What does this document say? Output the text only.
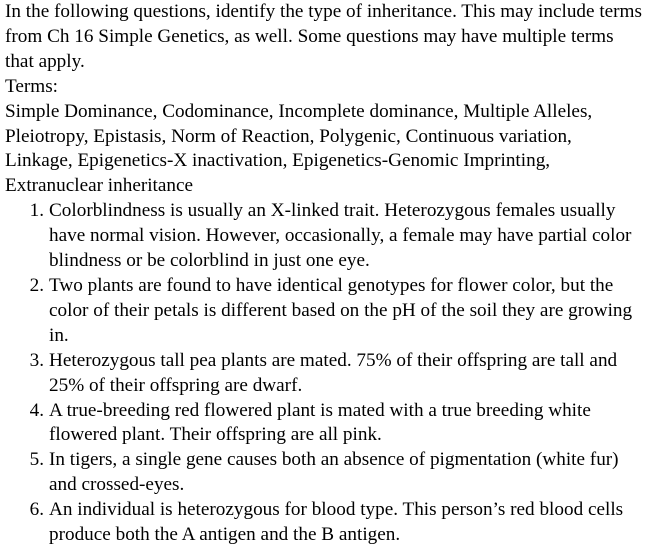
In the following questions, identify the type of inheritance. This may include terms from Ch 16 Simple Genetics, as well. Some questions may have multiple terms that apply.

Terms:

Simple Dominance, Codominance, Incomplete dominance, Multiple Alleles, Pleiotropy, Epistasis, Norm of Reaction, Polygenic, Continuous variation, Linkage, Epigenetics-X inactivation, Epigenetics-Genomic Imprinting, Extranuclear inheritance

1. Colorblindness is usually an X-linked trait. Heterozygous females usually have normal vision. However, occasionally, a female may have partial color blindness or be colorblind in just one eye.
2. Two plants are found to have identical genotypes for flower color, but the color of their petals is different based on the pH of the soil they are growing in.
3. Heterozygous tall pea plants are mated. 75% of their offspring are tall and 25% of their offspring are dwarf.
4. A true-breeding red flowered plant is mated with a true breeding white flowered plant. Their offspring are all pink.
5. In tigers, a single gene causes both an absence of pigmentation (white fur) and crossed-eyes.
6. An individual is heterozygous for blood type. This person’s red blood cells produce both the A antigen and the B antigen.
